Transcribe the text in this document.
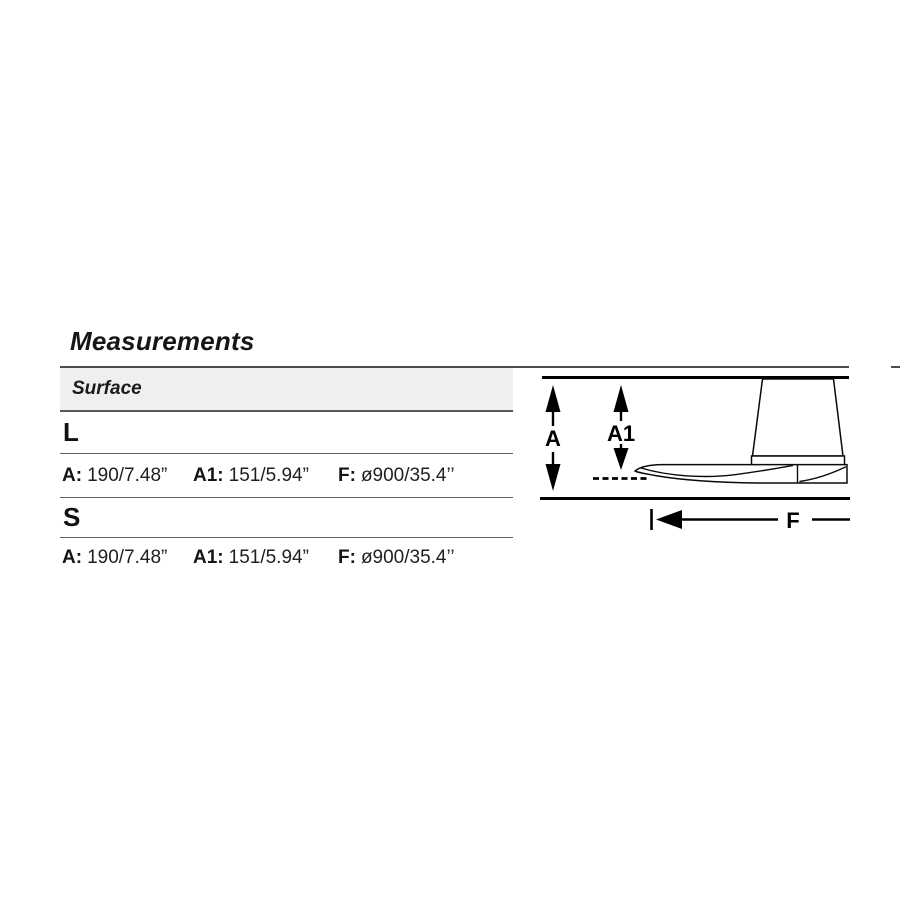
Measurements
Surface
L
A: 190/7.48” A1: 151/5.94” F: ø900/35.4’’
S
A: 190/7.48” A1: 151/5.94” F: ø900/35.4’’
A A1
F
